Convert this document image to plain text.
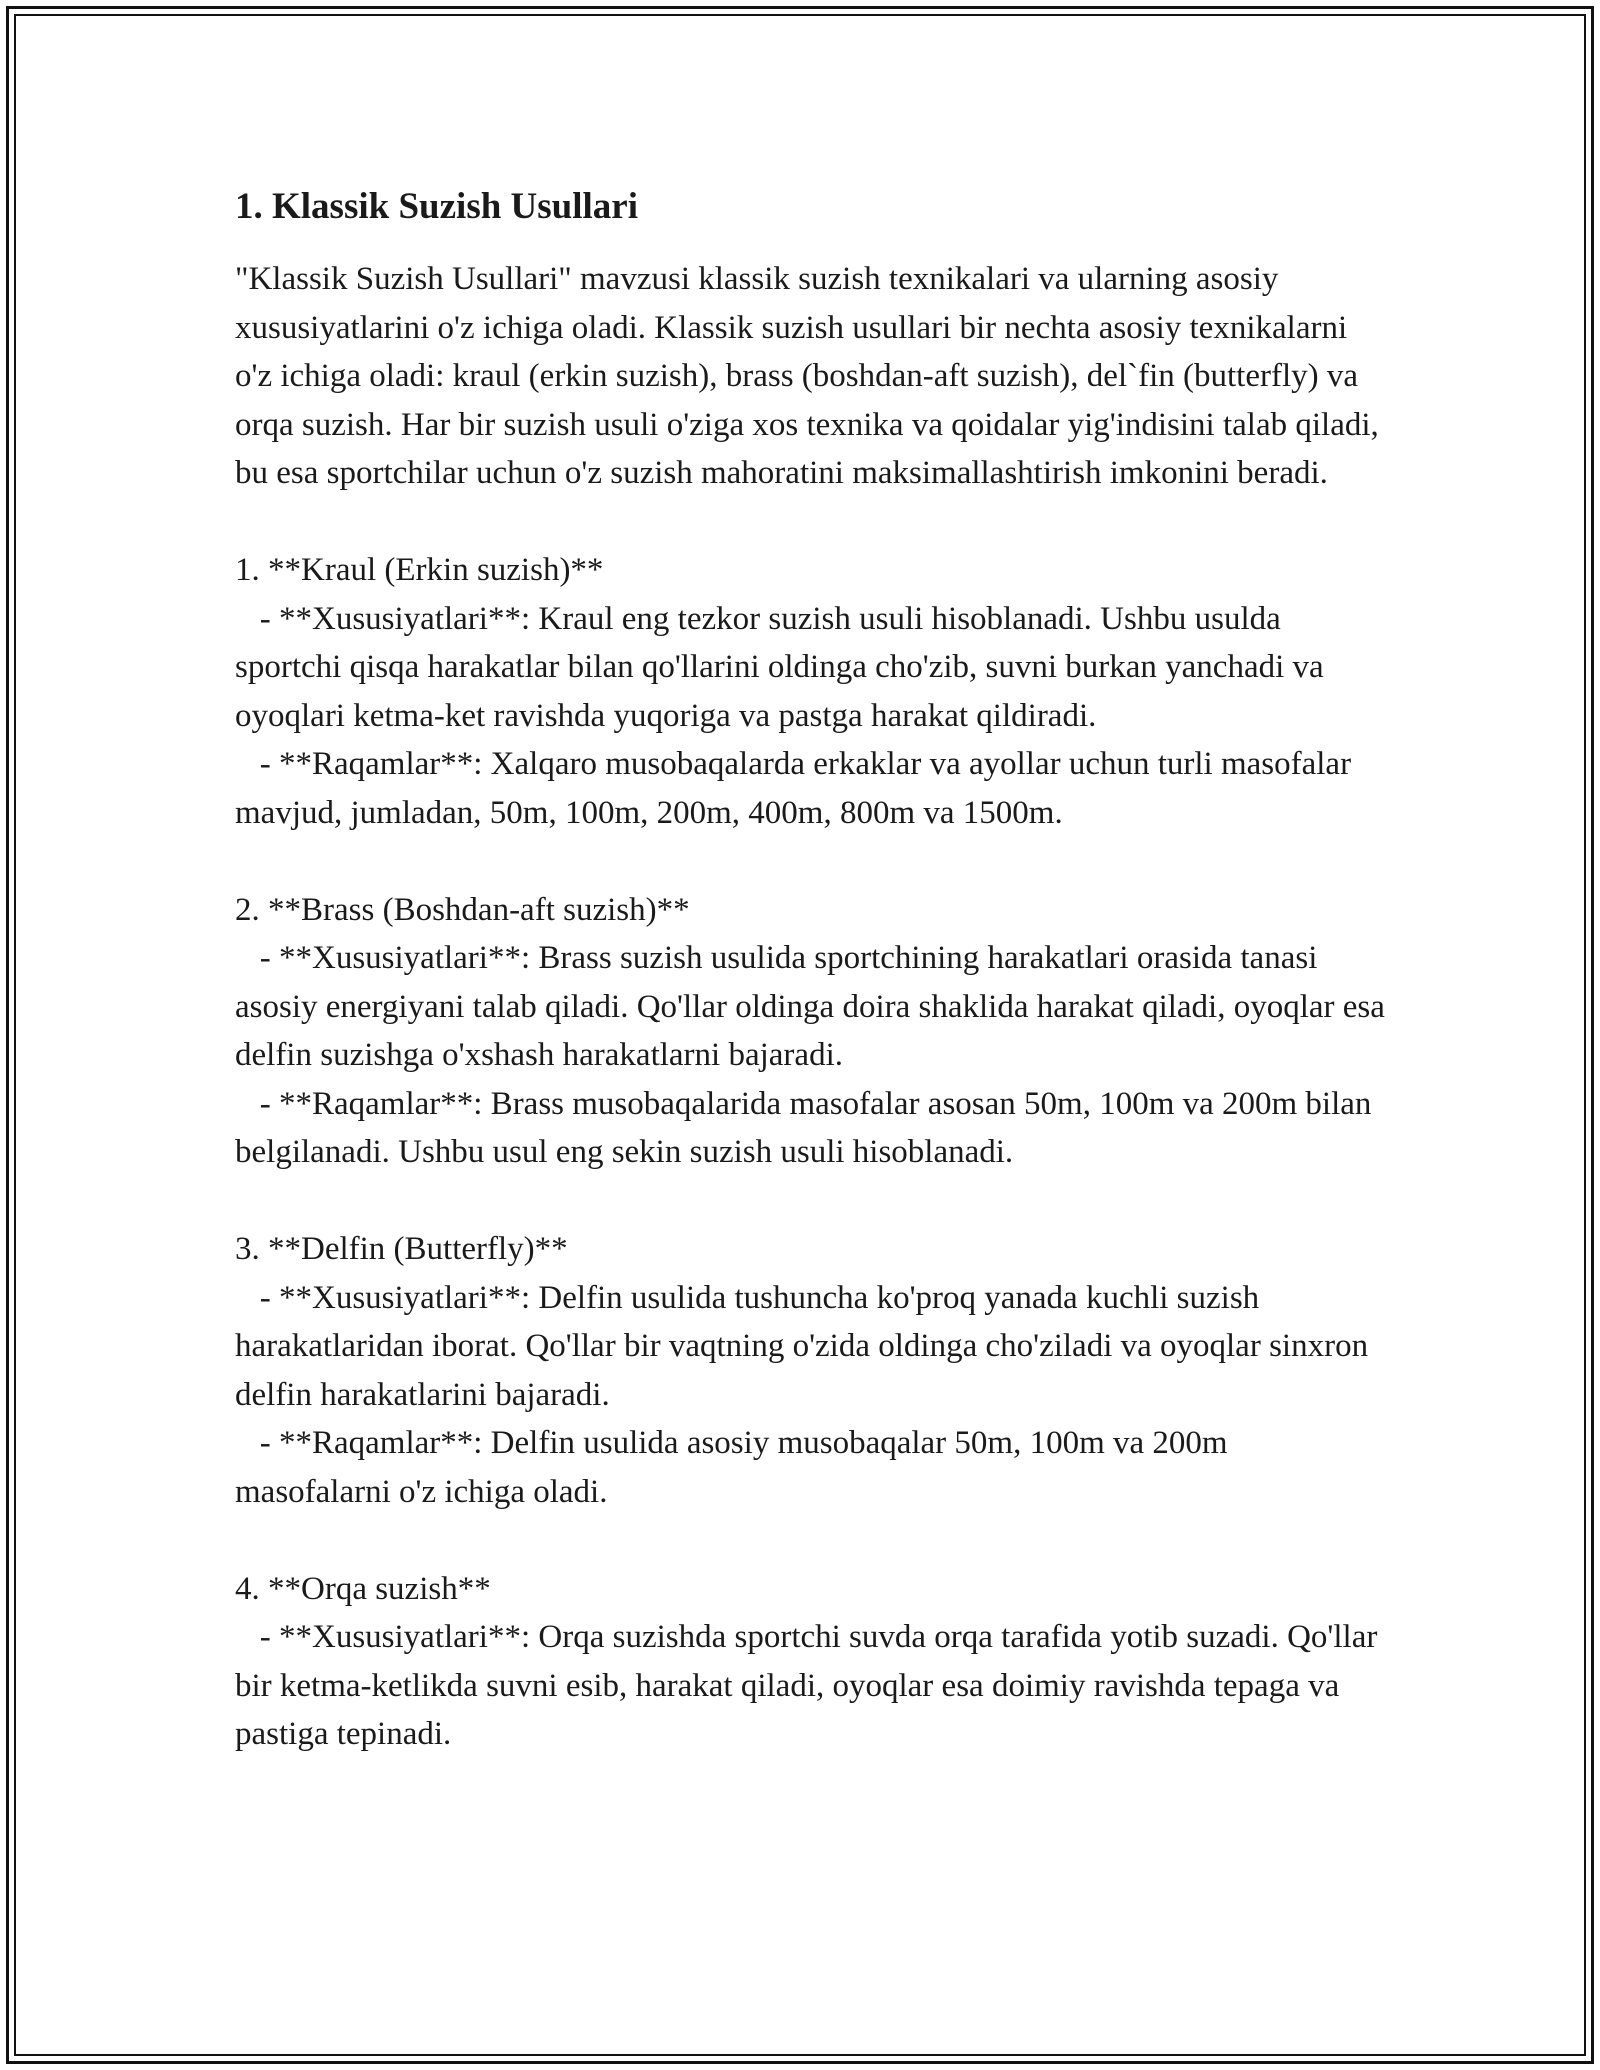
1. Klassik Suzish Usullari

"Klassik Suzish Usullari" mavzusi klassik suzish texnikalari va ularning asosiy xususiyatlarini o'z ichiga oladi. Klassik suzish usullari bir nechta asosiy texnikalarni o'z ichiga oladi: kraul (erkin suzish), brass (boshdan-aft suzish), del`fin (butterfly) va orqa suzish. Har bir suzish usuli o'ziga xos texnika va qoidalar yig'indisini talab qiladi, bu esa sportchilar uchun o'z suzish mahoratini maksimallashtirish imkonini beradi.

1. **Kraul (Erkin suzish)**

- **Xususiyatlari**: Kraul eng tezkor suzish usuli hisoblanadi. Ushbu usulda sportchi qisqa harakatlar bilan qo'llarini oldinga cho'zib, suvni burkan yanchadi va oyoqlari ketma-ket ravishda yuqoriga va pastga harakat qildiradi.

- **Raqamlar**: Xalqaro musobaqalarda erkaklar va ayollar uchun turli masofalar mavjud, jumladan, 50m, 100m, 200m, 400m, 800m va 1500m.

2. **Brass (Boshdan-aft suzish)**

- **Xususiyatlari**: Brass suzish usulida sportchining harakatlari orasida tanasi asosiy energiyani talab qiladi. Qo'llar oldinga doira shaklida harakat qiladi, oyoqlar esa delfin suzishga o'xshash harakatlarni bajaradi.

- **Raqamlar**: Brass musobaqalarida masofalar asosan 50m, 100m va 200m bilan belgilanadi. Ushbu usul eng sekin suzish usuli hisoblanadi.

3. **Delfin (Butterfly)**

- **Xususiyatlari**: Delfin usulida tushuncha ko'proq yanada kuchli suzish harakatlaridan iborat. Qo'llar bir vaqtning o'zida oldinga cho'ziladi va oyoqlar sinxron delfin harakatlarini bajaradi.

- **Raqamlar**: Delfin usulida asosiy musobaqalar 50m, 100m va 200m masofalarni o'z ichiga oladi.

4. **Orqa suzish**

- **Xususiyatlari**: Orqa suzishda sportchi suvda orqa tarafida yotib suzadi. Qo'llar bir ketma-ketlikda suvni esib, harakat qiladi, oyoqlar esa doimiy ravishda tepaga va pastiga tepinadi.
